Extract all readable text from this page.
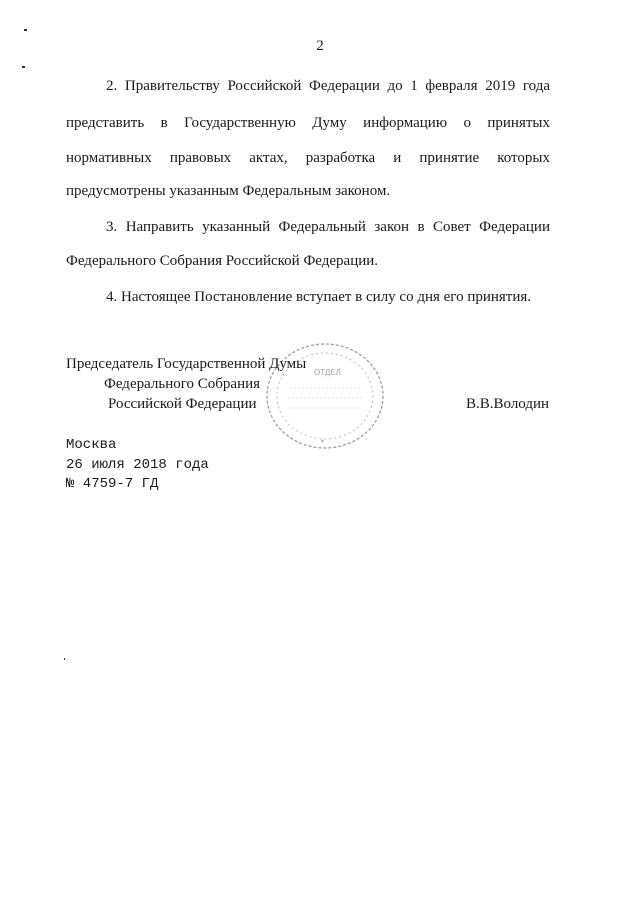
2
2. Правительству Российской Федерации до 1 февраля 2019 года
представить в Государственную Думу информацию о принятых
нормативных правовых актах, разработка и принятие которых
предусмотрены указанным Федеральным законом.
3. Направить указанный Федеральный закон в Совет Федерации
Федерального Собрания Российской Федерации.
4. Настоящее Постановление вступает в силу со дня его принятия.
✶
ОТДЕЛ
Председатель Государственной Думы
Федерального Собрания
Российской Федерации	В.В.Володин
Москва
26 июля 2018 года
№ 4759-7 ГД
